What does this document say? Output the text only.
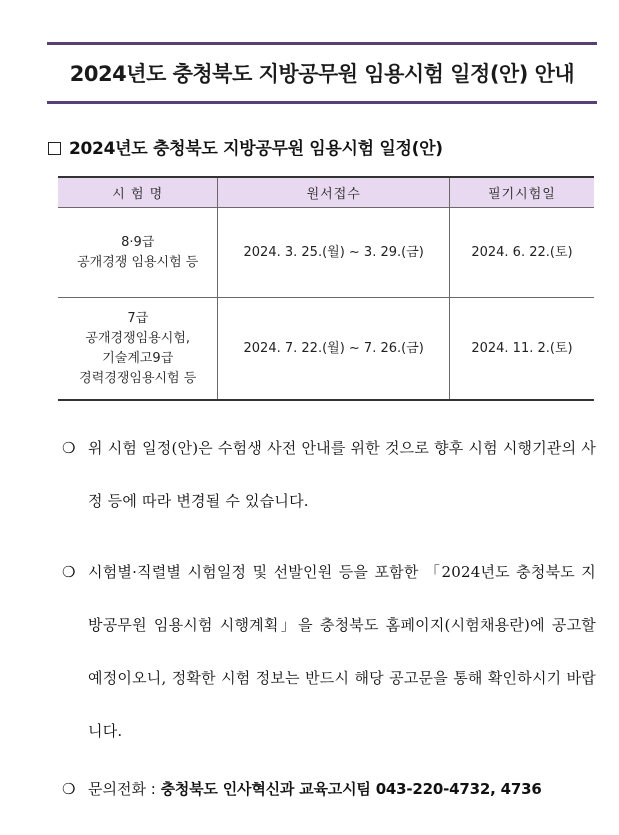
2024년도 충청북도 지방공무원 임용시험 일정(안) 안내
2024년도 충청북도 지방공무원 임용시험 일정(안)
시 험 명	원서접수	필기시험일

8·9급
공개경쟁 임용시험 등	2024. 3. 25.(월) ~ 3. 29.(금)	2024. 6. 22.(토)

7급
공개경쟁임용시험,
기술계고9급
경력경쟁임용시험 등	2024. 7. 22.(월) ~ 7. 26.(금)	2024. 11. 2.(토)
❍ 위 시험 일정(안)은 수험생 사전 안내를 위한 것으로 향후 시험 시행기관의 사정 등에 따라 변경될 수 있습니다.
❍ 시험별·직렬별 시험일정 및 선발인원 등을 포함한 「2024년도 충청북도 지방공무원 임용시험 시행계획」을 충청북도 홈페이지(시험채용란)에 공고할 예정이오니, 정확한 시험 정보는 반드시 해당 공고문을 통해 확인하시기 바랍니다.
❍ 문의전화 : 충청북도 인사혁신과 교육고시팀 043-220-4732, 4736
